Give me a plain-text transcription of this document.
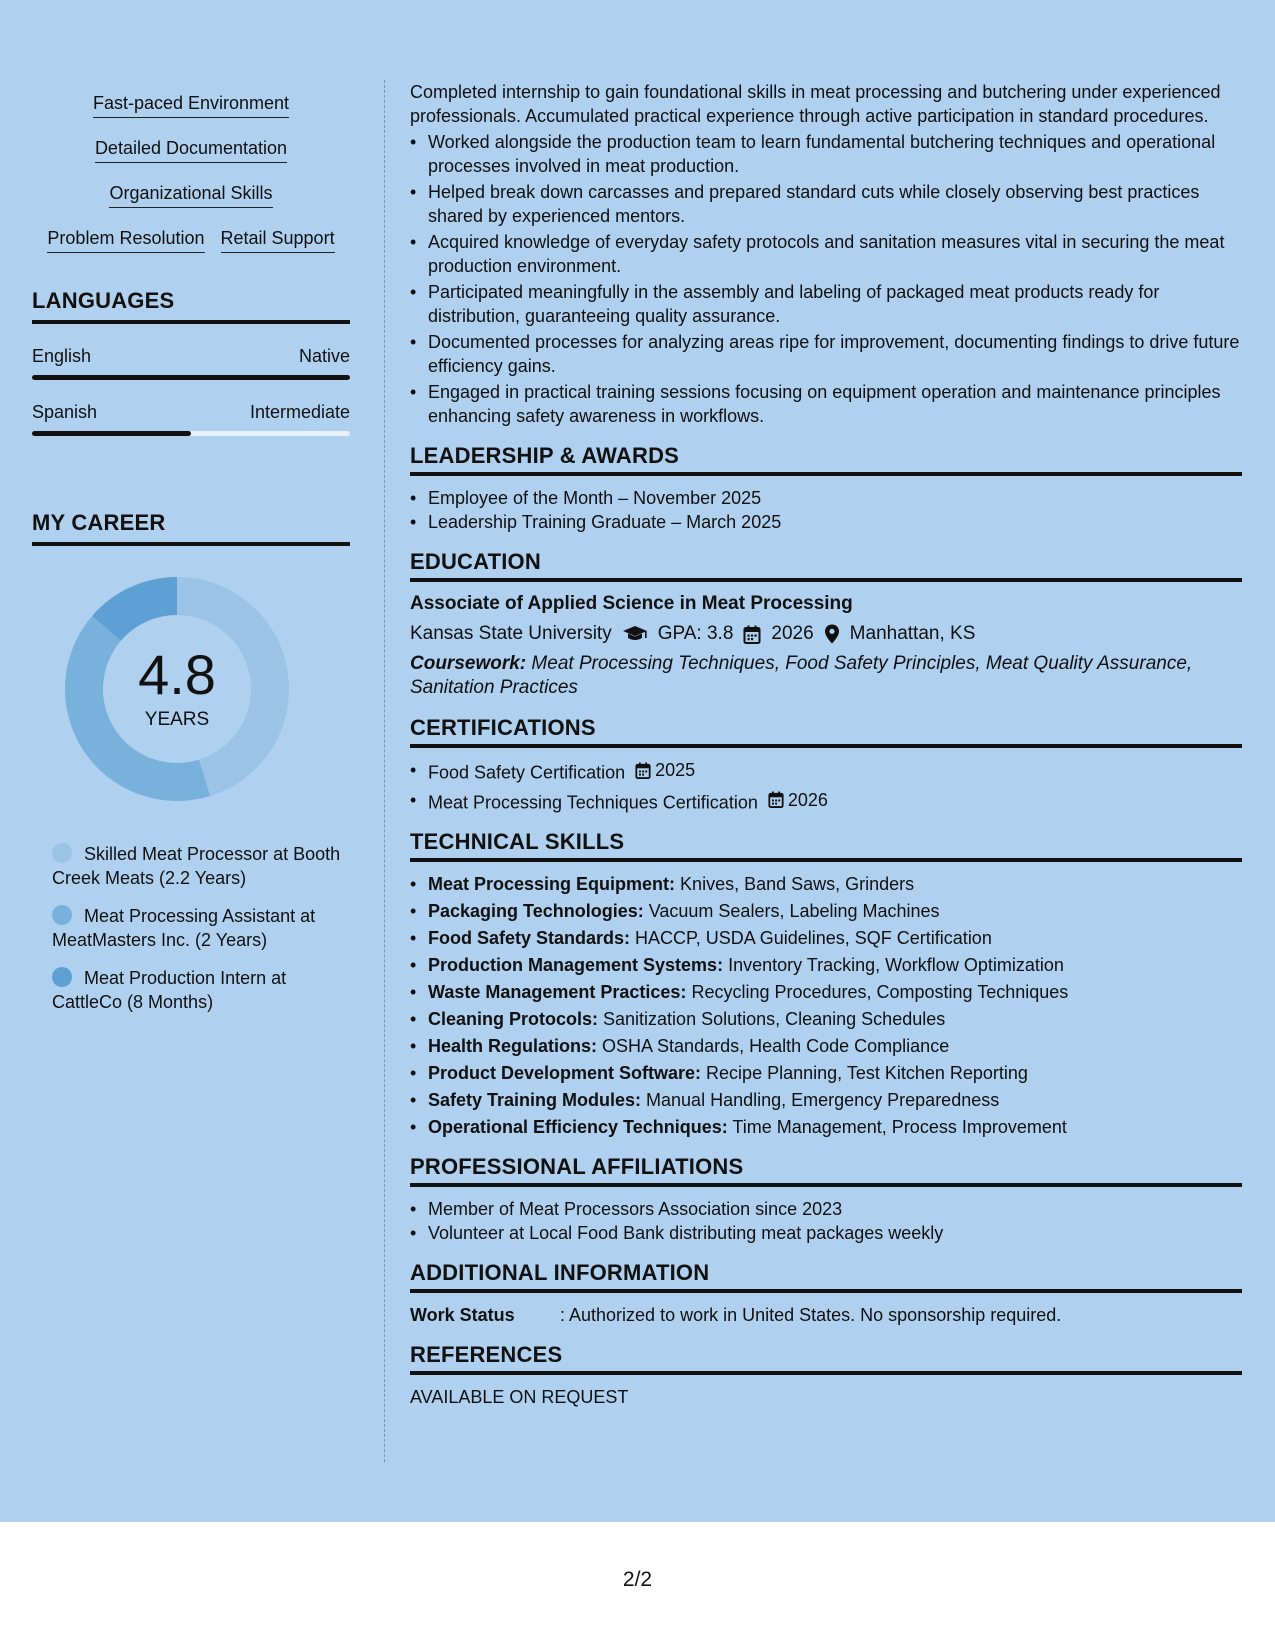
Fast-paced Environment
Detailed Documentation
Organizational Skills
Problem Resolution Retail Support
LANGUAGES
English	Native
Spanish	Intermediate
MY CAREER
4.8
YEARS
Skilled Meat Processor at Booth Creek Meats (2.2 Years)
Meat Processing Assistant at MeatMasters Inc. (2 Years)
Meat Production Intern at CattleCo (8 Months)
Completed internship to gain foundational skills in meat processing and butchering under experienced professionals. Accumulated practical experience through active participation in standard procedures.
• Worked alongside the production team to learn fundamental butchering techniques and operational processes involved in meat production.
• Helped break down carcasses and prepared standard cuts while closely observing best practices shared by experienced mentors.
• Acquired knowledge of everyday safety protocols and sanitation measures vital in securing the meat production environment.
• Participated meaningfully in the assembly and labeling of packaged meat products ready for distribution, guaranteeing quality assurance.
• Documented processes for analyzing areas ripe for improvement, documenting findings to drive future efficiency gains.
• Engaged in practical training sessions focusing on equipment operation and maintenance principles enhancing safety awareness in workflows.
LEADERSHIP & AWARDS
• Employee of the Month – November 2025
• Leadership Training Graduate – March 2025
EDUCATION
Associate of Applied Science in Meat Processing
Kansas State University GPA: 3.8 2026 Manhattan, KS
Coursework: Meat Processing Techniques, Food Safety Principles, Meat Quality Assurance, Sanitation Practices
CERTIFICATIONS
• Food Safety Certification 2025
• Meat Processing Techniques Certification 2026
TECHNICAL SKILLS
• Meat Processing Equipment: Knives, Band Saws, Grinders
• Packaging Technologies: Vacuum Sealers, Labeling Machines
• Food Safety Standards: HACCP, USDA Guidelines, SQF Certification
• Production Management Systems: Inventory Tracking, Workflow Optimization
• Waste Management Practices: Recycling Procedures, Composting Techniques
• Cleaning Protocols: Sanitization Solutions, Cleaning Schedules
• Health Regulations: OSHA Standards, Health Code Compliance
• Product Development Software: Recipe Planning, Test Kitchen Reporting
• Safety Training Modules: Manual Handling, Emergency Preparedness
• Operational Efficiency Techniques: Time Management, Process Improvement
PROFESSIONAL AFFILIATIONS
• Member of Meat Processors Association since 2023
• Volunteer at Local Food Bank distributing meat packages weekly
ADDITIONAL INFORMATION
Work Status	: Authorized to work in United States. No sponsorship required.
REFERENCES
AVAILABLE ON REQUEST
2/2
